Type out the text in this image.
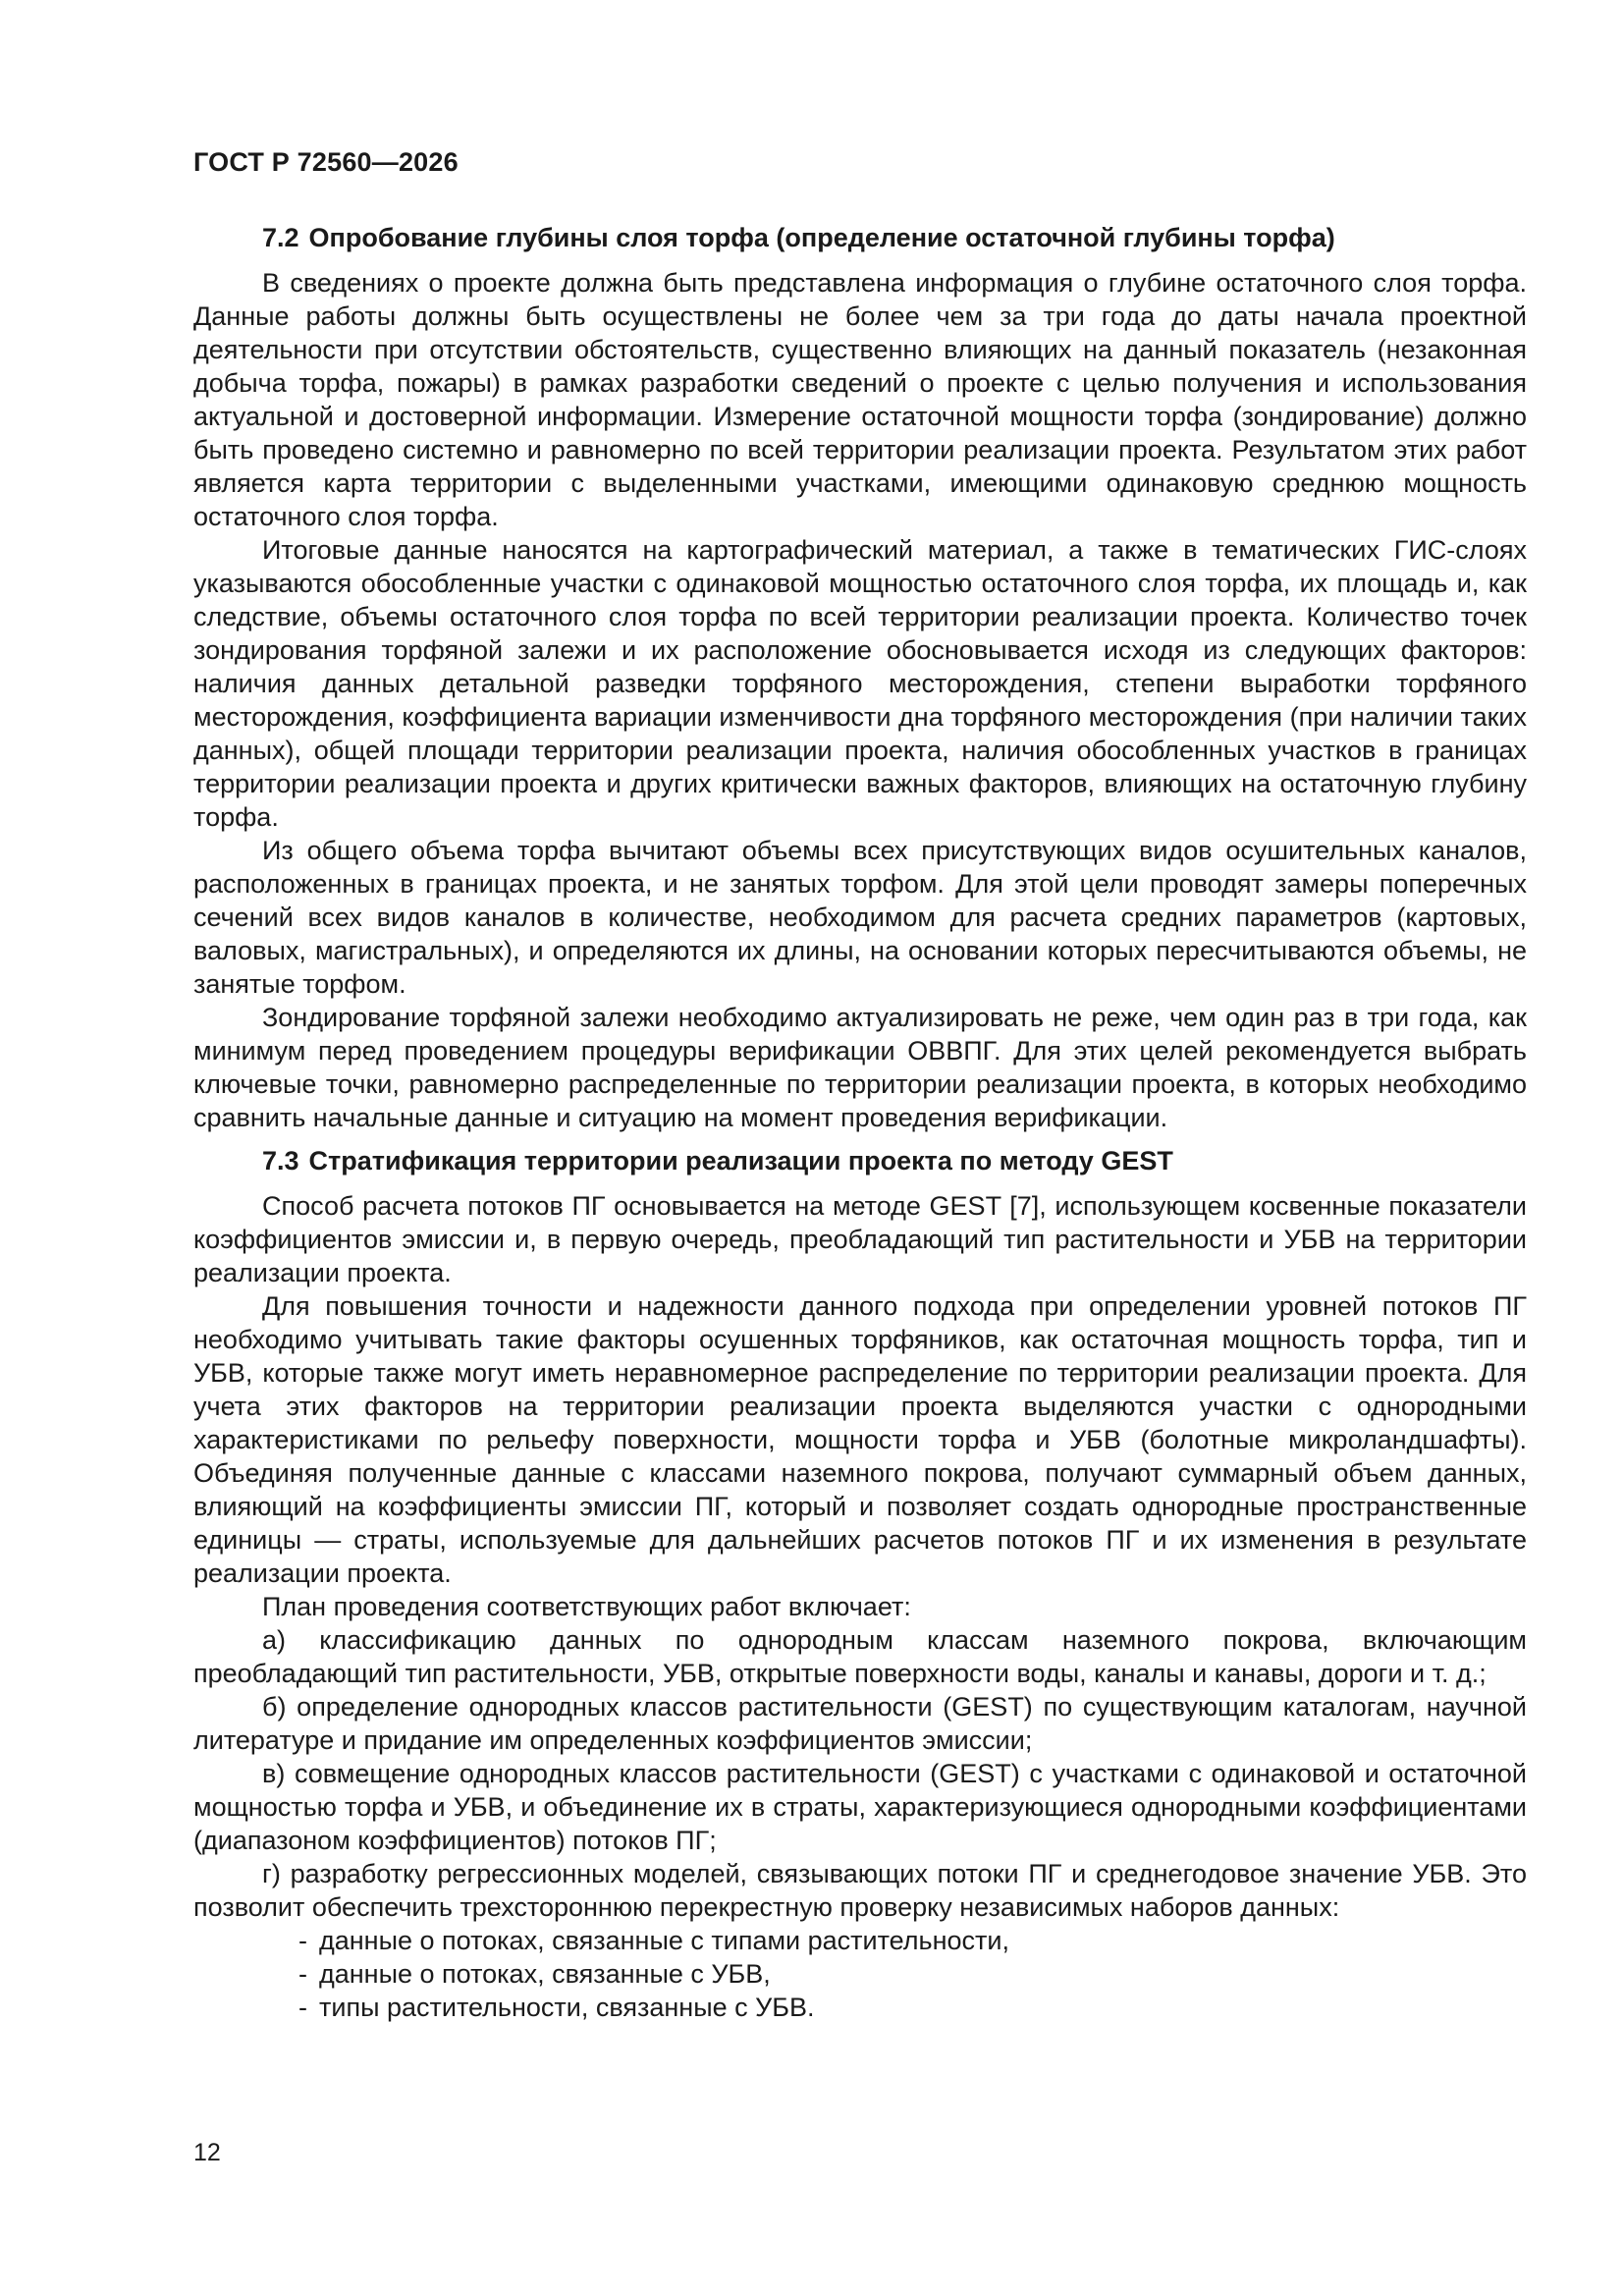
ГОСТ Р 72560—2026
7.2 Опробование глубины слоя торфа (определение остаточной глубины торфа)

В сведениях о проекте должна быть представлена информация о глубине остаточного слоя торфа. Данные работы должны быть осуществлены не более чем за три года до даты начала проектной деятельности при отсутствии обстоятельств, существенно влияющих на данный показатель (незаконная добыча торфа, пожары) в рамках разработки сведений о проекте с целью получения и использования актуальной и достоверной информации. Измерение остаточной мощности торфа (зондирование) должно быть проведено системно и равномерно по всей территории реализации проекта. Результатом этих работ является карта территории с выделенными участками, имеющими одинаковую среднюю мощность остаточного слоя торфа.

Итоговые данные наносятся на картографический материал, а также в тематических ГИС-слоях указываются обособленные участки с одинаковой мощностью остаточного слоя торфа, их площадь и, как следствие, объемы остаточного слоя торфа по всей территории реализации проекта. Количество точек зондирования торфяной залежи и их расположение обосновывается исходя из следующих факторов: наличия данных детальной разведки торфяного месторождения, степени выработки торфяного месторождения, коэффициента вариации изменчивости дна торфяного месторождения (при наличии таких данных), общей площади территории реализации проекта, наличия обособленных участков в границах территории реализации проекта и других критически важных факторов, влияющих на остаточную глубину торфа.

Из общего объема торфа вычитают объемы всех присутствующих видов осушительных каналов, расположенных в границах проекта, и не занятых торфом. Для этой цели проводят замеры поперечных сечений всех видов каналов в количестве, необходимом для расчета средних параметров (картовых, валовых, магистральных), и определяются их длины, на основании которых пересчитываются объемы, не занятые торфом.

Зондирование торфяной залежи необходимо актуализировать не реже, чем один раз в три года, как минимум перед проведением процедуры верификации ОВВПГ. Для этих целей рекомендуется выбрать ключевые точки, равномерно распределенные по территории реализации проекта, в которых необходимо сравнить начальные данные и ситуацию на момент проведения верификации.

7.3 Стратификация территории реализации проекта по методу GEST

Способ расчета потоков ПГ основывается на методе GEST [7], использующем косвенные показатели коэффициентов эмиссии и, в первую очередь, преобладающий тип растительности и УБВ на территории реализации проекта.

Для повышения точности и надежности данного подхода при определении уровней потоков ПГ необходимо учитывать такие факторы осушенных торфяников, как остаточная мощность торфа, тип и УБВ, которые также могут иметь неравномерное распределение по территории реализации проекта. Для учета этих факторов на территории реализации проекта выделяются участки с однородными характеристиками по рельефу поверхности, мощности торфа и УБВ (болотные микроландшафты). Объединяя полученные данные с классами наземного покрова, получают суммарный объем данных, влияющий на коэффициенты эмиссии ПГ, который и позволяет создать однородные пространственные единицы — страты, используемые для дальнейших расчетов потоков ПГ и их изменения в результате реализации проекта.

План проведения соответствующих работ включает:

а) классификацию данных по однородным классам наземного покрова, включающим преобладающий тип растительности, УБВ, открытые поверхности воды, каналы и канавы, дороги и т. д.;

б) определение однородных классов растительности (GEST) по существующим каталогам, научной литературе и придание им определенных коэффициентов эмиссии;

в) совмещение однородных классов растительности (GEST) с участками с одинаковой и остаточной мощностью торфа и УБВ, и объединение их в страты, характеризующиеся однородными коэффициентами (диапазоном коэффициентов) потоков ПГ;

г) разработку регрессионных моделей, связывающих потоки ПГ и среднегодовое значение УБВ. Это позволит обеспечить трехстороннюю перекрестную проверку независимых наборов данных:

- данные о потоках, связанные с типами растительности,
- данные о потоках, связанные с УБВ,
- типы растительности, связанные с УБВ.
12
